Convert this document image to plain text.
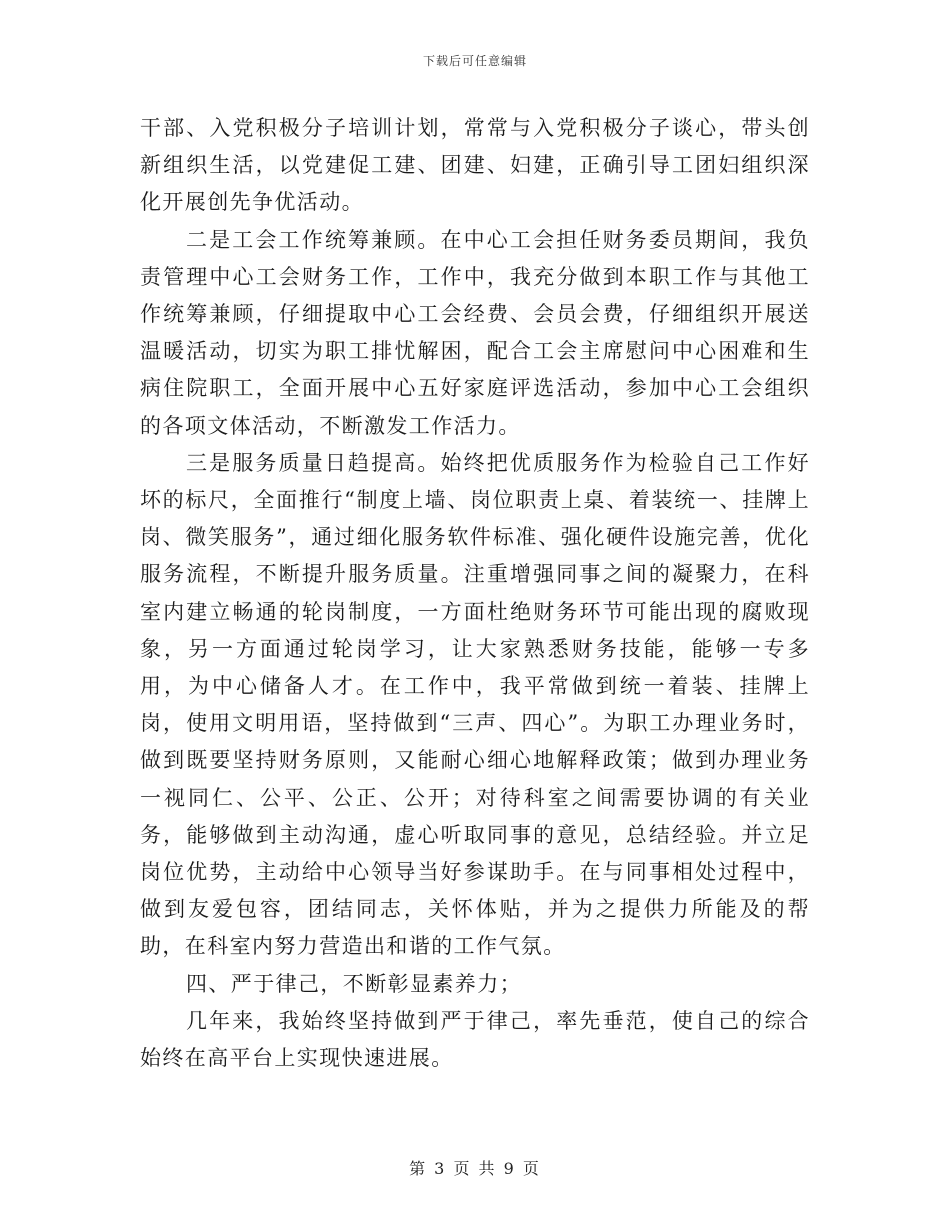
下载后可任意编辑

干部、入党积极分子培训计划，常常与入党积极分子谈心，带头创新组织生活，以党建促工建、团建、妇建，正确引导工团妇组织深化开展创先争优活动。

二是工会工作统筹兼顾。在中心工会担任财务委员期间，我负责管理中心工会财务工作，工作中，我充分做到本职工作与其他工作统筹兼顾，仔细提取中心工会经费、会员会费，仔细组织开展送温暖活动，切实为职工排忧解困，配合工会主席慰问中心困难和生病住院职工，全面开展中心五好家庭评选活动，参加中心工会组织的各项文体活动，不断激发工作活力。

三是服务质量日趋提高。始终把优质服务作为检验自己工作好坏的标尺，全面推行“制度上墙、岗位职责上桌、着装统一、挂牌上岗、微笑服务”，通过细化服务软件标准、强化硬件设施完善，优化服务流程，不断提升服务质量。注重增强同事之间的凝聚力，在科室内建立畅通的轮岗制度，一方面杜绝财务环节可能出现的腐败现象，另一方面通过轮岗学习，让大家熟悉财务技能，能够一专多用，为中心储备人才。在工作中，我平常做到统一着装、挂牌上岗，使用文明用语，坚持做到“三声、四心”。为职工办理业务时，做到既要坚持财务原则，又能耐心细心地解释政策；做到办理业务一视同仁、公平、公正、公开；对待科室之间需要协调的有关业务，能够做到主动沟通，虚心听取同事的意见，总结经验。并立足岗位优势，主动给中心领导当好参谋助手。在与同事相处过程中，做到友爱包容，团结同志，关怀体贴，并为之提供力所能及的帮助，在科室内努力营造出和谐的工作气氛。

四、严于律己，不断彰显素养力；

几年来，我始终坚持做到严于律己，率先垂范，使自己的综合始终在高平台上实现快速进展。

第 3 页 共 9 页
